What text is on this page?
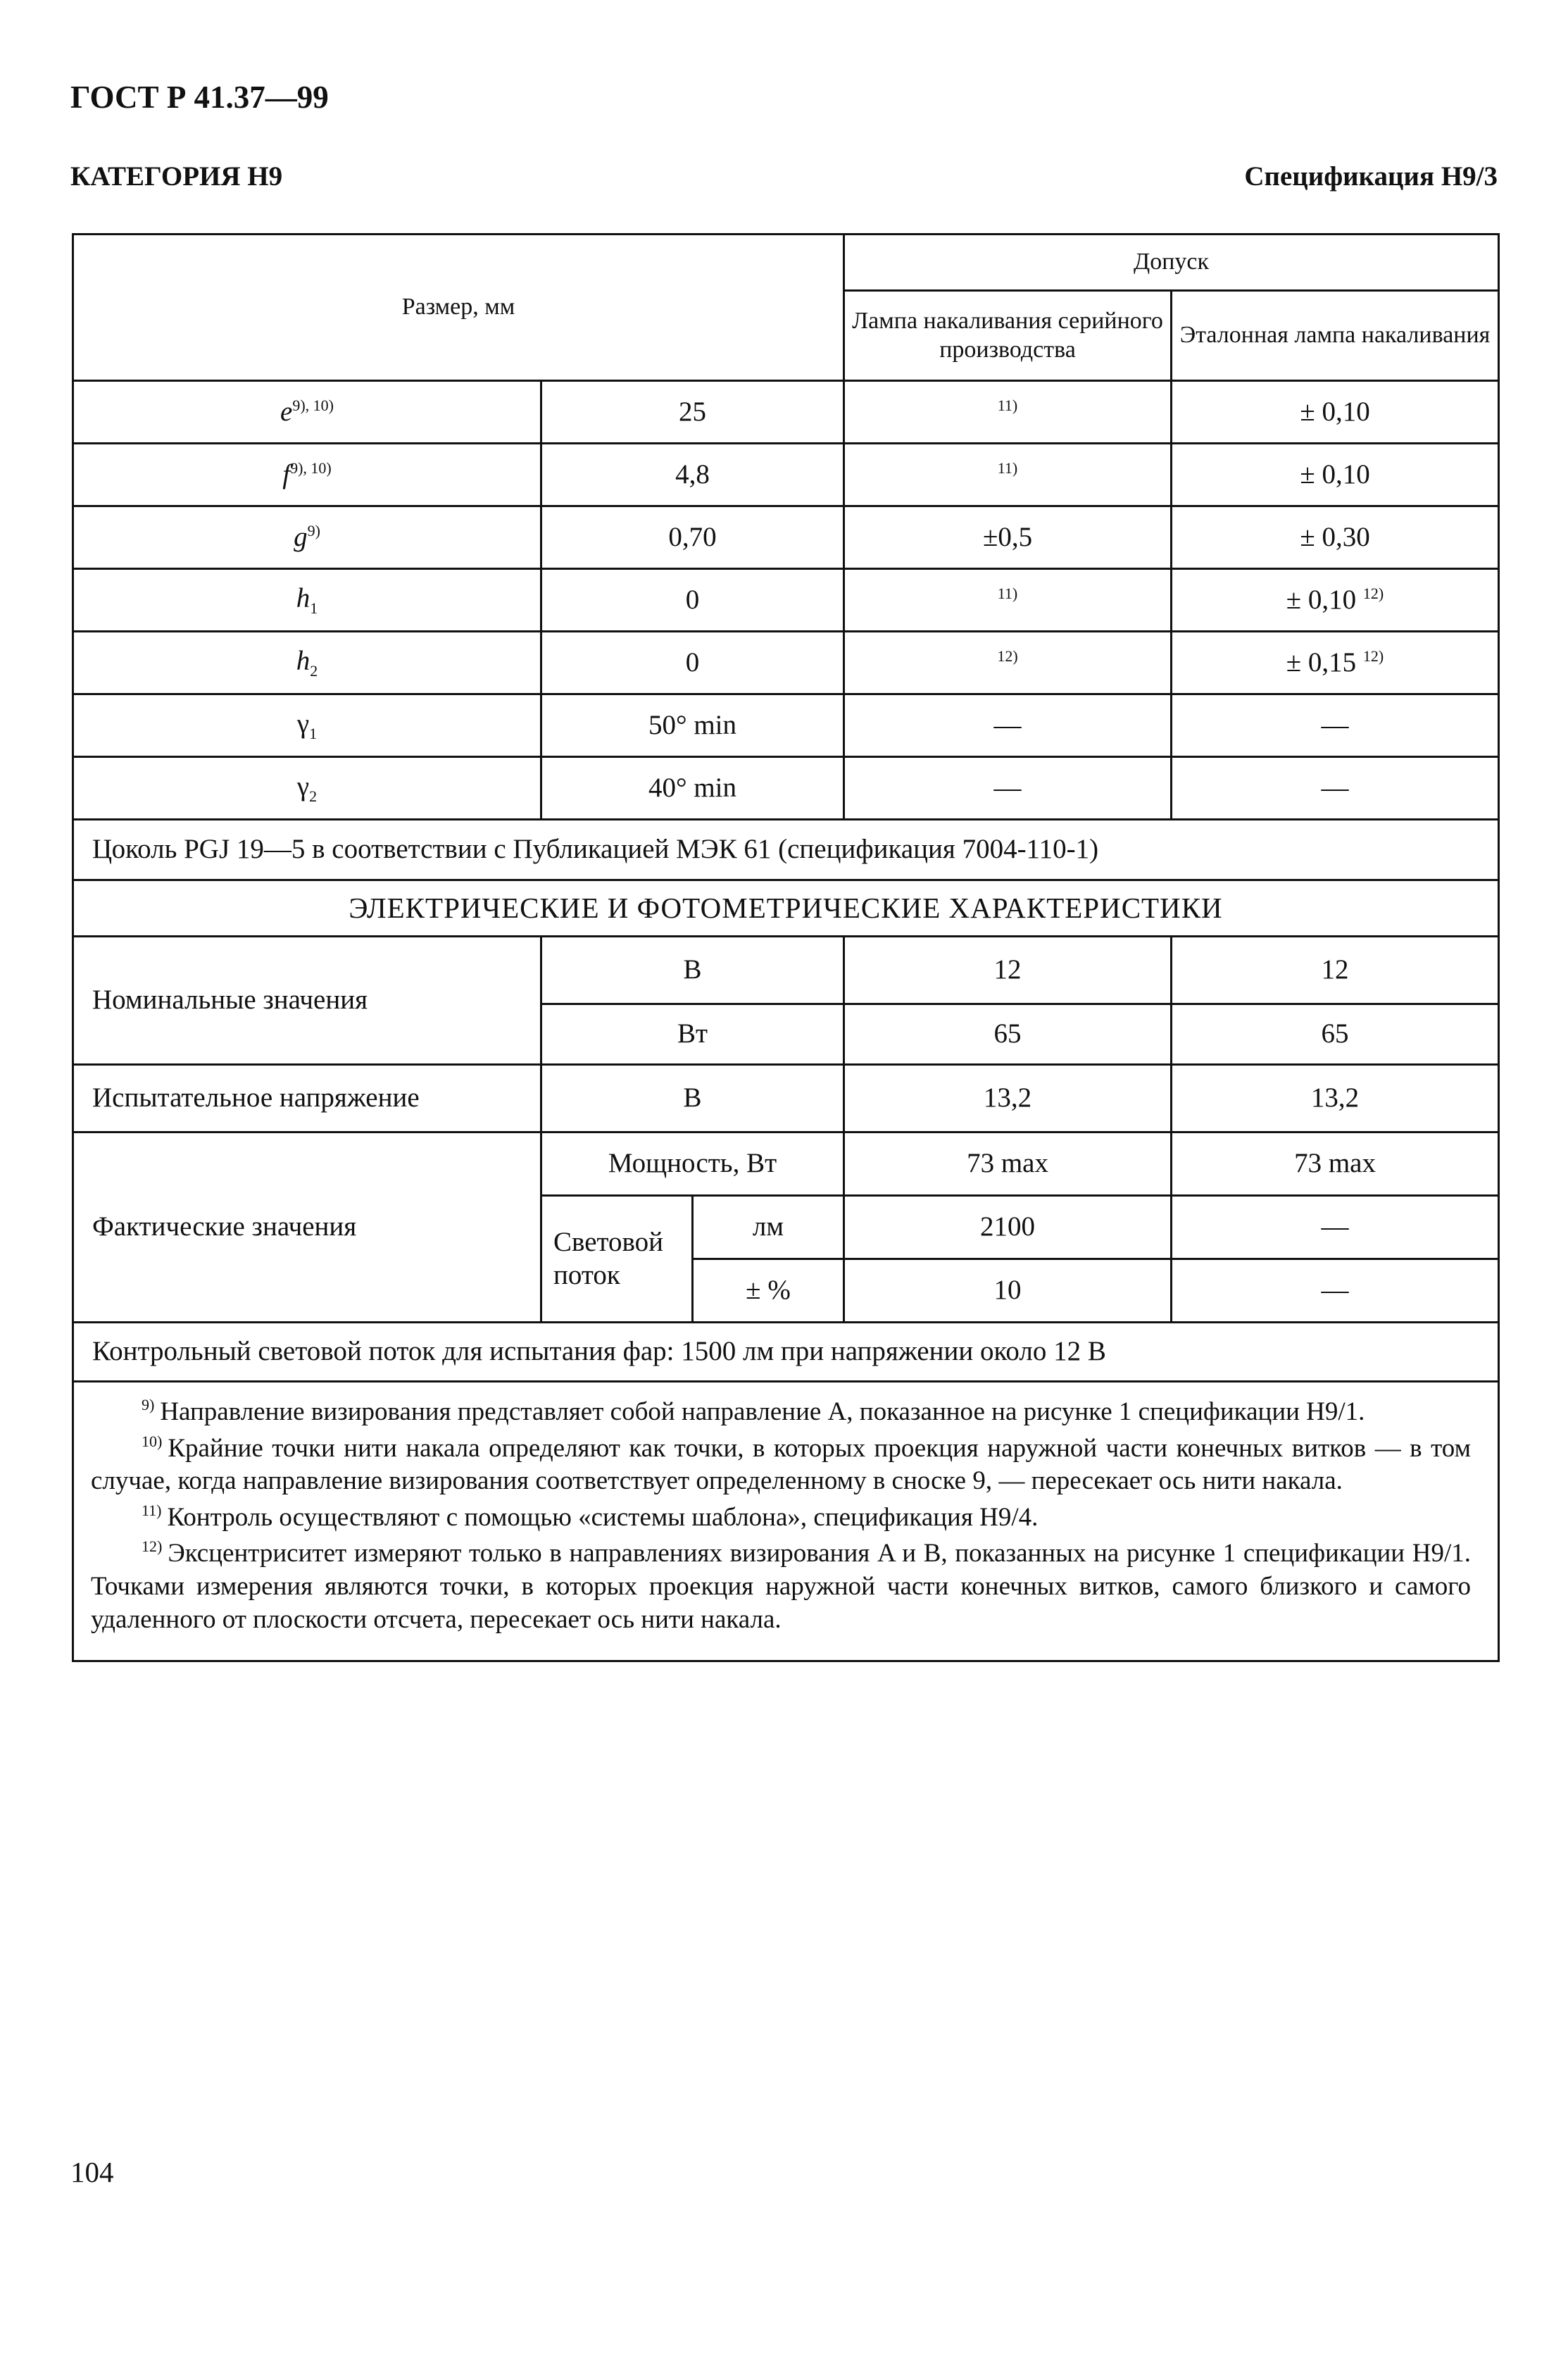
ГОСТ Р 41.37—99
КАТЕГОРИЯ Н9	Спецификация Н9/3
Размер, мм			Допуск	
			Лампа накаливания серийного производства	Эталонная лампа накаливания
$e^{9), 10)}$	25		$^{11)}$	± 0,10
$f^{9), 10)}$	4,8		$^{11)}$	± 0,10
$g^{9)}$	0,70		±0,5	± 0,30
$h_1$	0		$^{11)}$	± 0,10 $^{12)}$
$h_2$	0		$^{12)}$	± 0,15 $^{12)}$
$\gamma_1$	50° min		—	—
$\gamma_2$	40° min		—	—
Цоколь PGJ 19—5 в соответствии с Публикацией МЭК 61 (спецификация 7004-110-1)				
ЭЛЕКТРИЧЕСКИЕ И ФОТОМЕТРИЧЕСКИЕ ХАРАКТЕРИСТИКИ				
Номинальные значения	В		12	12
	Вт		65	65
Испытательное напряжение	В		13,2	13,2
Фактические значения	Мощность, Вт		73 max	73 max
	Световой поток	лм	2100	—
		± %	10	—
Контрольный световой поток для испытания фар: 1500 лм при напряжении около 12 В				

$^{9)}$ Направление визирования представляет собой направление A, показанное на рисунке 1 спецификации Н9/1.

$^{10)}$ Крайние точки нити накала определяют как точки, в которых проекция наружной части конечных витков — в том случае, когда направление визирования соответствует определенному в сноске 9, — пересекает ось нити накала.

$^{11)}$ Контроль осуществляют с помощью «системы шаблона», спецификация Н9/4.

$^{12)}$ Эксцентриситет измеряют только в направлениях визирования A и B, показанных на рисунке 1 спецификации Н9/1. Точками измерения являются точки, в которых проекция наружной части конечных витков, самого близкого и самого удаленного от плоскости отсчета, пересекает ось нити накала.				

104
